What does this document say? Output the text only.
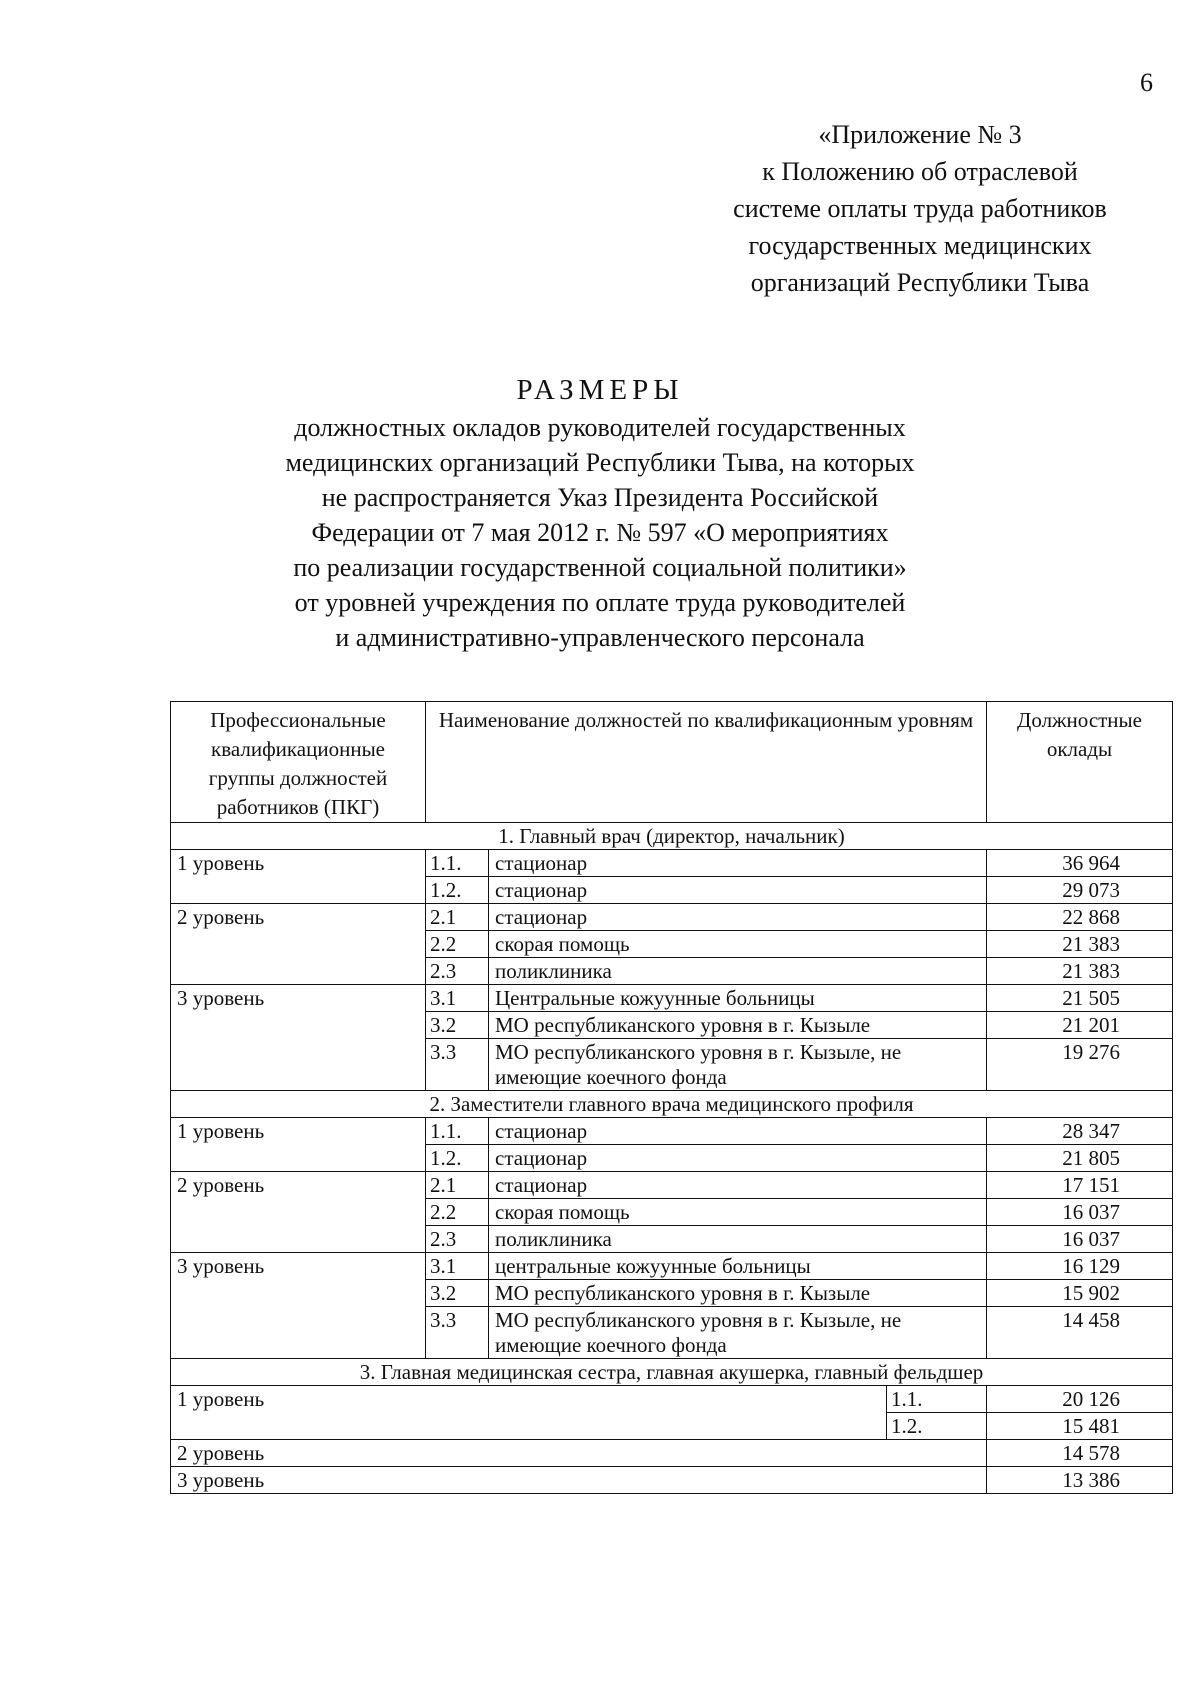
6
«Приложение № 3
к Положению об отраслевой
системе оплаты труда работников
государственных медицинских
организаций Республики Тыва
РАЗМЕРЫ
должностных окладов руководителей государственных
медицинских организаций Республики Тыва, на которых
не распространяется Указ Президента Российской
Федерации от 7 мая 2012 г. № 597 «О мероприятиях
по реализации государственной социальной политики»
от уровней учреждения по оплате труда руководителей
и административно-управленческого персонала
Профессиональные квалификационные группы должностей работников (ПКГ)	Наименование должностей по квалификационным уровням			Должностные оклады
1. Главный врач (директор, начальник)				
1 уровень	1.1.	стационар		36 964
	1.2.	стационар		29 073
2 уровень	2.1	стационар		22 868
	2.2	скорая помощь		21 383
	2.3	поликлиника		21 383
3 уровень	3.1	Центральные кожуунные больницы		21 505
	3.2	МО республиканского уровня в г. Кызыле		21 201
	3.3	МО республиканского уровня в г. Кызыле, не имеющие коечного фонда		19 276
2. Заместители главного врача медицинского профиля				
1 уровень	1.1.	стационар		28 347
	1.2.	стационар		21 805
2 уровень	2.1	стационар		17 151
	2.2	скорая помощь		16 037
	2.3	поликлиника		16 037
3 уровень	3.1	центральные кожуунные больницы		16 129
	3.2	МО республиканского уровня в г. Кызыле		15 902
	3.3	МО республиканского уровня в г. Кызыле, не имеющие коечного фонда		14 458
3. Главная медицинская сестра, главная акушерка, главный фельдшер				
1 уровень			1.1.	20 126
			1.2.	15 481
2 уровень				14 578
3 уровень				13 386
